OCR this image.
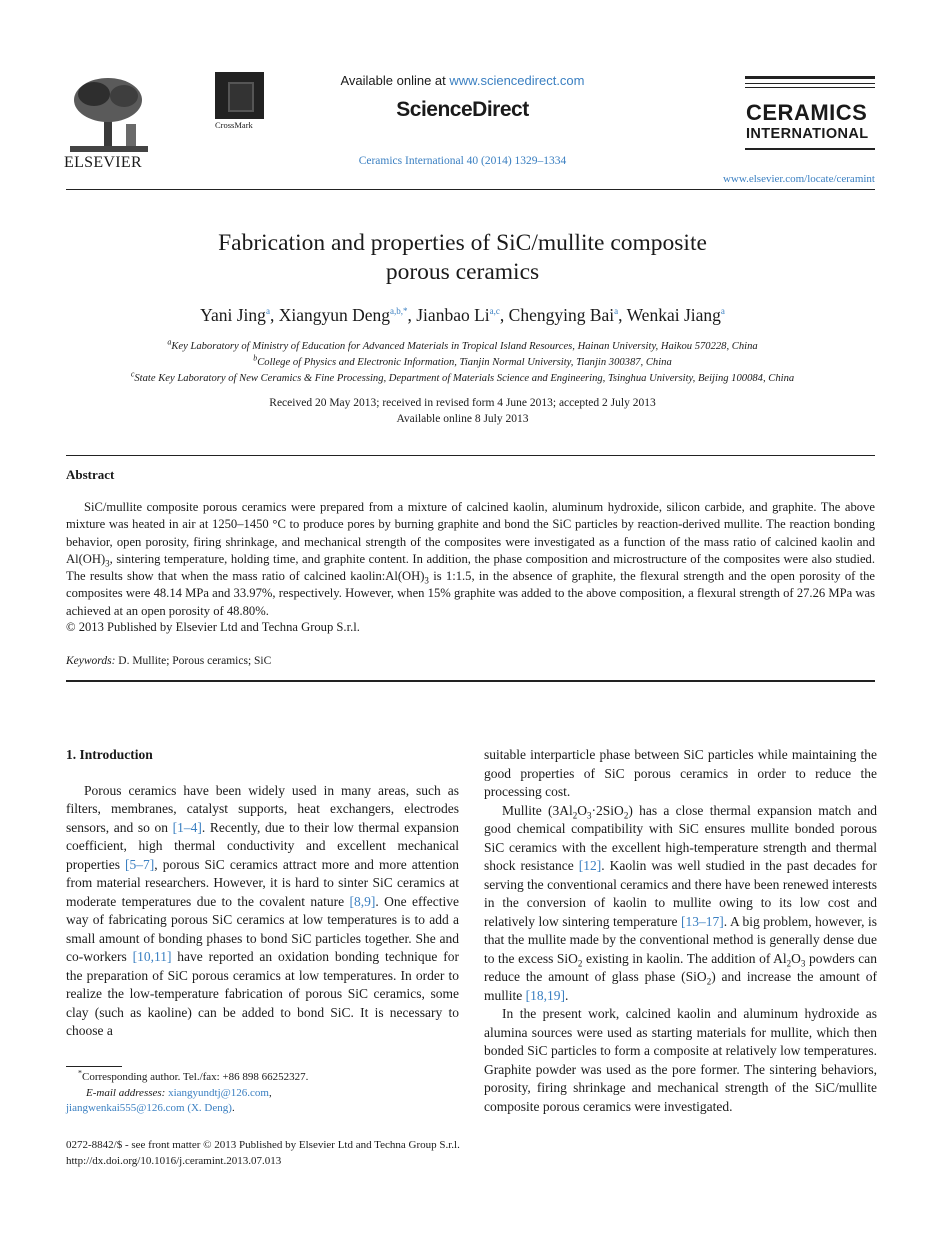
ELSEVIER
CrossMark
Available online at www.sciencedirect.com
ScienceDirect
Ceramics International 40 (2014) 1329–1334
CERAMICS
INTERNATIONAL
www.elsevier.com/locate/ceramint
Fabrication and properties of SiC/mullite composite
porous ceramics
Yani Jing$^a$, Xiangyun Deng$^{a,b,*}$, Jianbao Li$^{a,c}$, Chengying Bai$^a$, Wenkai Jiang$^a$
$^a$Key Laboratory of Ministry of Education for Advanced Materials in Tropical Island Resources, Hainan University, Haikou 570228, China
$^b$College of Physics and Electronic Information, Tianjin Normal University, Tianjin 300387, China
$^c$State Key Laboratory of New Ceramics & Fine Processing, Department of Materials Science and Engineering, Tsinghua University, Beijing 100084, China
Received 20 May 2013; received in revised form 4 June 2013; accepted 2 July 2013
Available online 8 July 2013
Abstract
SiC/mullite composite porous ceramics were prepared from a mixture of calcined kaolin, aluminum hydroxide, silicon carbide, and graphite. The above mixture was heated in air at 1250–1450 °C to produce pores by burning graphite and bond the SiC particles by reaction-derived mullite. The reaction bonding behavior, open porosity, firing shrinkage, and mechanical strength of the composites were investigated as a function of the mass ratio of calcined kaolin and $Al(OH)_3$, sintering temperature, holding time, and graphite content. In addition, the phase composition and microstructure of the composites were also studied. The results show that when the mass ratio of calcined $kaolin:Al(OH)_3$ is 1:1.5, in the absence of graphite, the flexural strength and the open porosity of the composites were 48.14 MPa and 33.97%, respectively. However, when 15% graphite was added to the above composition, a flexural strength of 27.26 MPa was achieved at an open porosity of 48.80%.
© 2013 Published by Elsevier Ltd and Techna Group S.r.l.
Keywords: D. Mullite; Porous ceramics; SiC
1. Introduction

Porous ceramics have been widely used in many areas, such as filters, membranes, catalyst supports, heat exchangers, electrodes sensors, and so on [1–4]. Recently, due to their low thermal expansion coefficient, high thermal conductivity and excellent mechanical properties [5–7], porous SiC ceramics attract more and more attention from material researchers. However, it is hard to sinter SiC ceramics at moderate temperatures due to the covalent nature [8,9]. One effective way of fabricating porous SiC ceramics at low temperatures is to add a small amount of bonding phases to bond SiC particles together. She and co-workers [10,11] have reported an oxidation bonding technique for the preparation of SiC porous ceramics at low temperatures. In order to realize the low-temperature fabrication of porous SiC ceramics, some clay (such as kaoline) can be added to bond SiC. It is necessary to choose a

*Corresponding author. Tel./fax: +86 898 66252327.
E-mail addresses: xiangyundtj@126.com,
jiangwenkai555@126.com (X. Deng).

suitable interparticle phase between SiC particles while maintaining the good properties of SiC porous ceramics in order to reduce the processing cost.

Mullite $(3Al_2O_3\cdot 2SiO_2)$ has a close thermal expansion match and good chemical compatibility with SiC ensures mullite bonded porous SiC ceramics with the excellent high-temperature strength and thermal shock resistance [12]. Kaolin was well studied in the past decades for serving the conventional ceramics and there have been renewed interests in the conversion of kaolin to mullite owing to its low cost and relatively low sintering temperature [13–17]. A big problem, however, is that the mullite made by the conventional method is generally dense due to the excess SiO$_2$ existing in kaolin. The addition of $Al_2O_3$ powders can reduce the amount of glass phase (SiO$_2$) and increase the amount of mullite [18,19].

In the present work, calcined kaolin and aluminum hydroxide as alumina sources were used as starting materials for mullite, which then bonded SiC particles to form a composite at relatively low temperatures. Graphite powder was used as the pore former. The sintering behaviors, porosity, firing shrinkage and mechanical strength of the SiC/mullite composite porous ceramics were investigated.

0272-8842/$ - see front matter © 2013 Published by Elsevier Ltd and Techna Group S.r.l.
http://dx.doi.org/10.1016/j.ceramint.2013.07.013
